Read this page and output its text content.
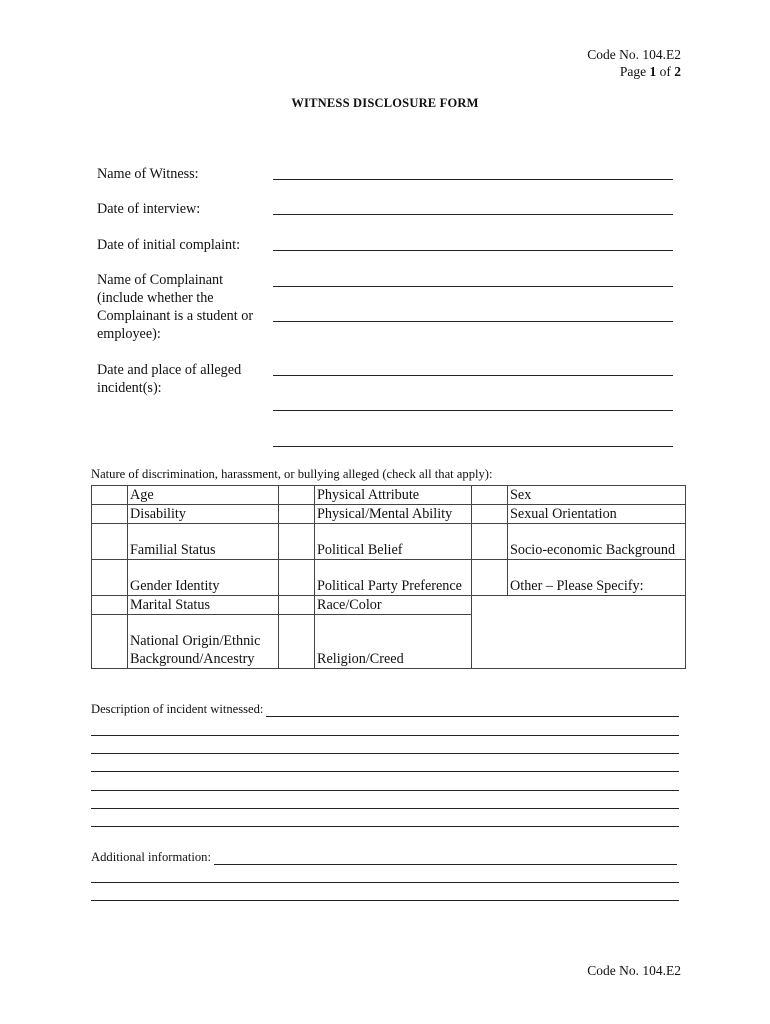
Code No. 104.E2
Page 1 of 2
WITNESS DISCLOSURE FORM
Name of Witness:
Date of interview:
Date of initial complaint:
Name of Complainant (include whether the Complainant is a student or employee):
Date and place of alleged incident(s):
Nature of discrimination, harassment, or bullying alleged (check all that apply):
	Age		Physical Attribute		Sex
	Disability		Physical/Mental Ability		Sexual Orientation
	Familial Status		Political Belief		Socio-economic Background
	Gender Identity		Political Party Preference		Other – Please Specify:
	Marital Status		Race/Color		
	National Origin/Ethnic Background/Ancestry		Religion/Creed		
Description of incident witnessed:
Additional information:
Code No. 104.E2
